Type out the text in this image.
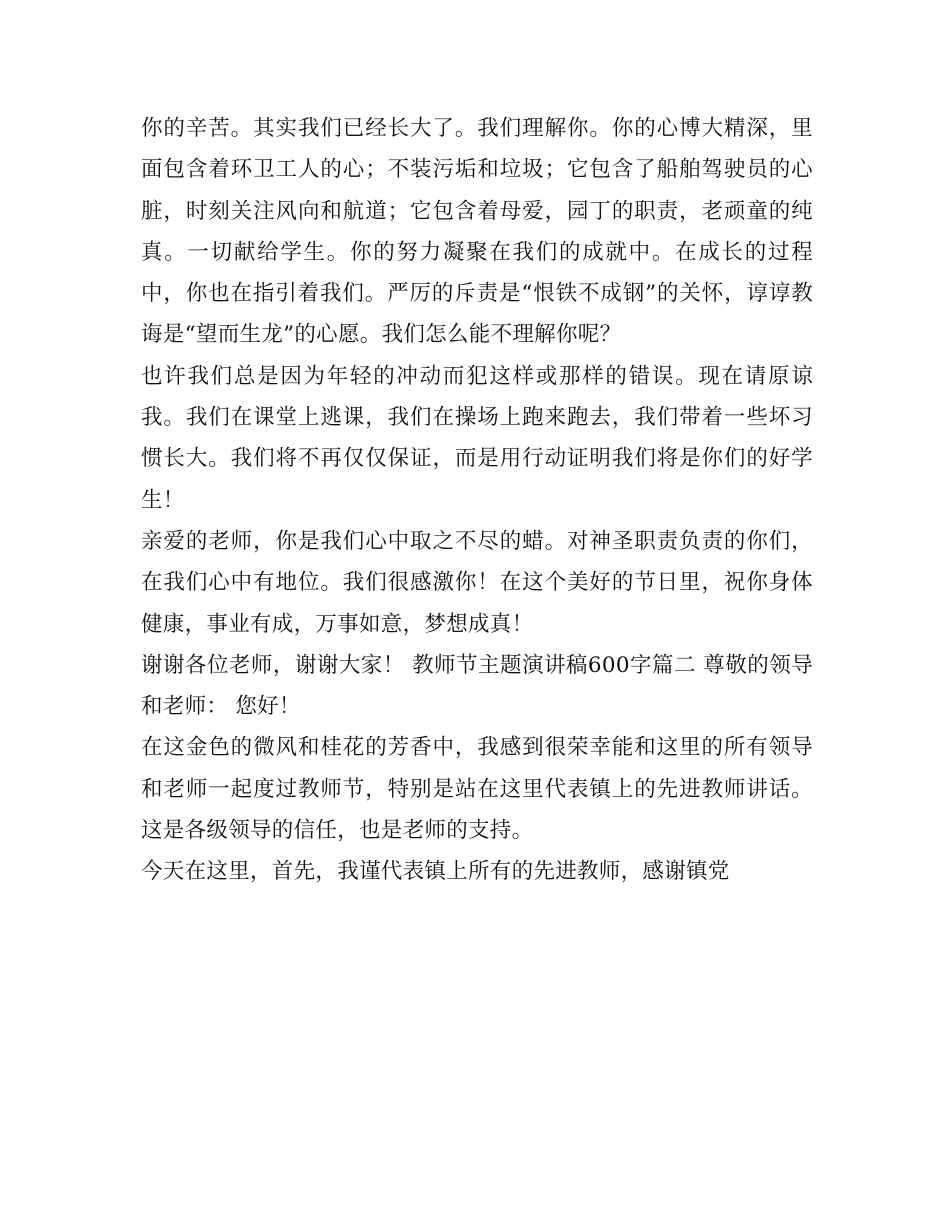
你的辛苦。其实我们已经长大了。我们理解你。你的心博大精深，里面包含着环卫工人的心；不装污垢和垃圾；它包含了船舶驾驶员的心脏，时刻关注风向和航道；它包含着母爱，园丁的职责，老顽童的纯真。一切献给学生。你的努力凝聚在我们的成就中。在成长的过程中，你也在指引着我们。严厉的斥责是“恨铁不成钢”的关怀，谆谆教诲是“望而生龙”的心愿。我们怎么能不理解你呢？

也许我们总是因为年轻的冲动而犯这样或那样的错误。现在请原谅我。我们在课堂上逃课，我们在操场上跑来跑去，我们带着一些坏习惯长大。我们将不再仅仅保证，而是用行动证明我们将是你们的好学生！

亲爱的老师，你是我们心中取之不尽的蜡。对神圣职责负责的你们，在我们心中有地位。我们很感激你！在这个美好的节日里，祝你身体健康，事业有成，万事如意，梦想成真！

谢谢各位老师，谢谢大家！ 教师节主题演讲稿600字篇二 尊敬的领导和老师： 您好！

在这金色的微风和桂花的芳香中，我感到很荣幸能和这里的所有领导和老师一起度过教师节，特别是站在这里代表镇上的先进教师讲话。这是各级领导的信任，也是老师的支持。

今天在这里，首先，我谨代表镇上所有的先进教师，感谢镇党
